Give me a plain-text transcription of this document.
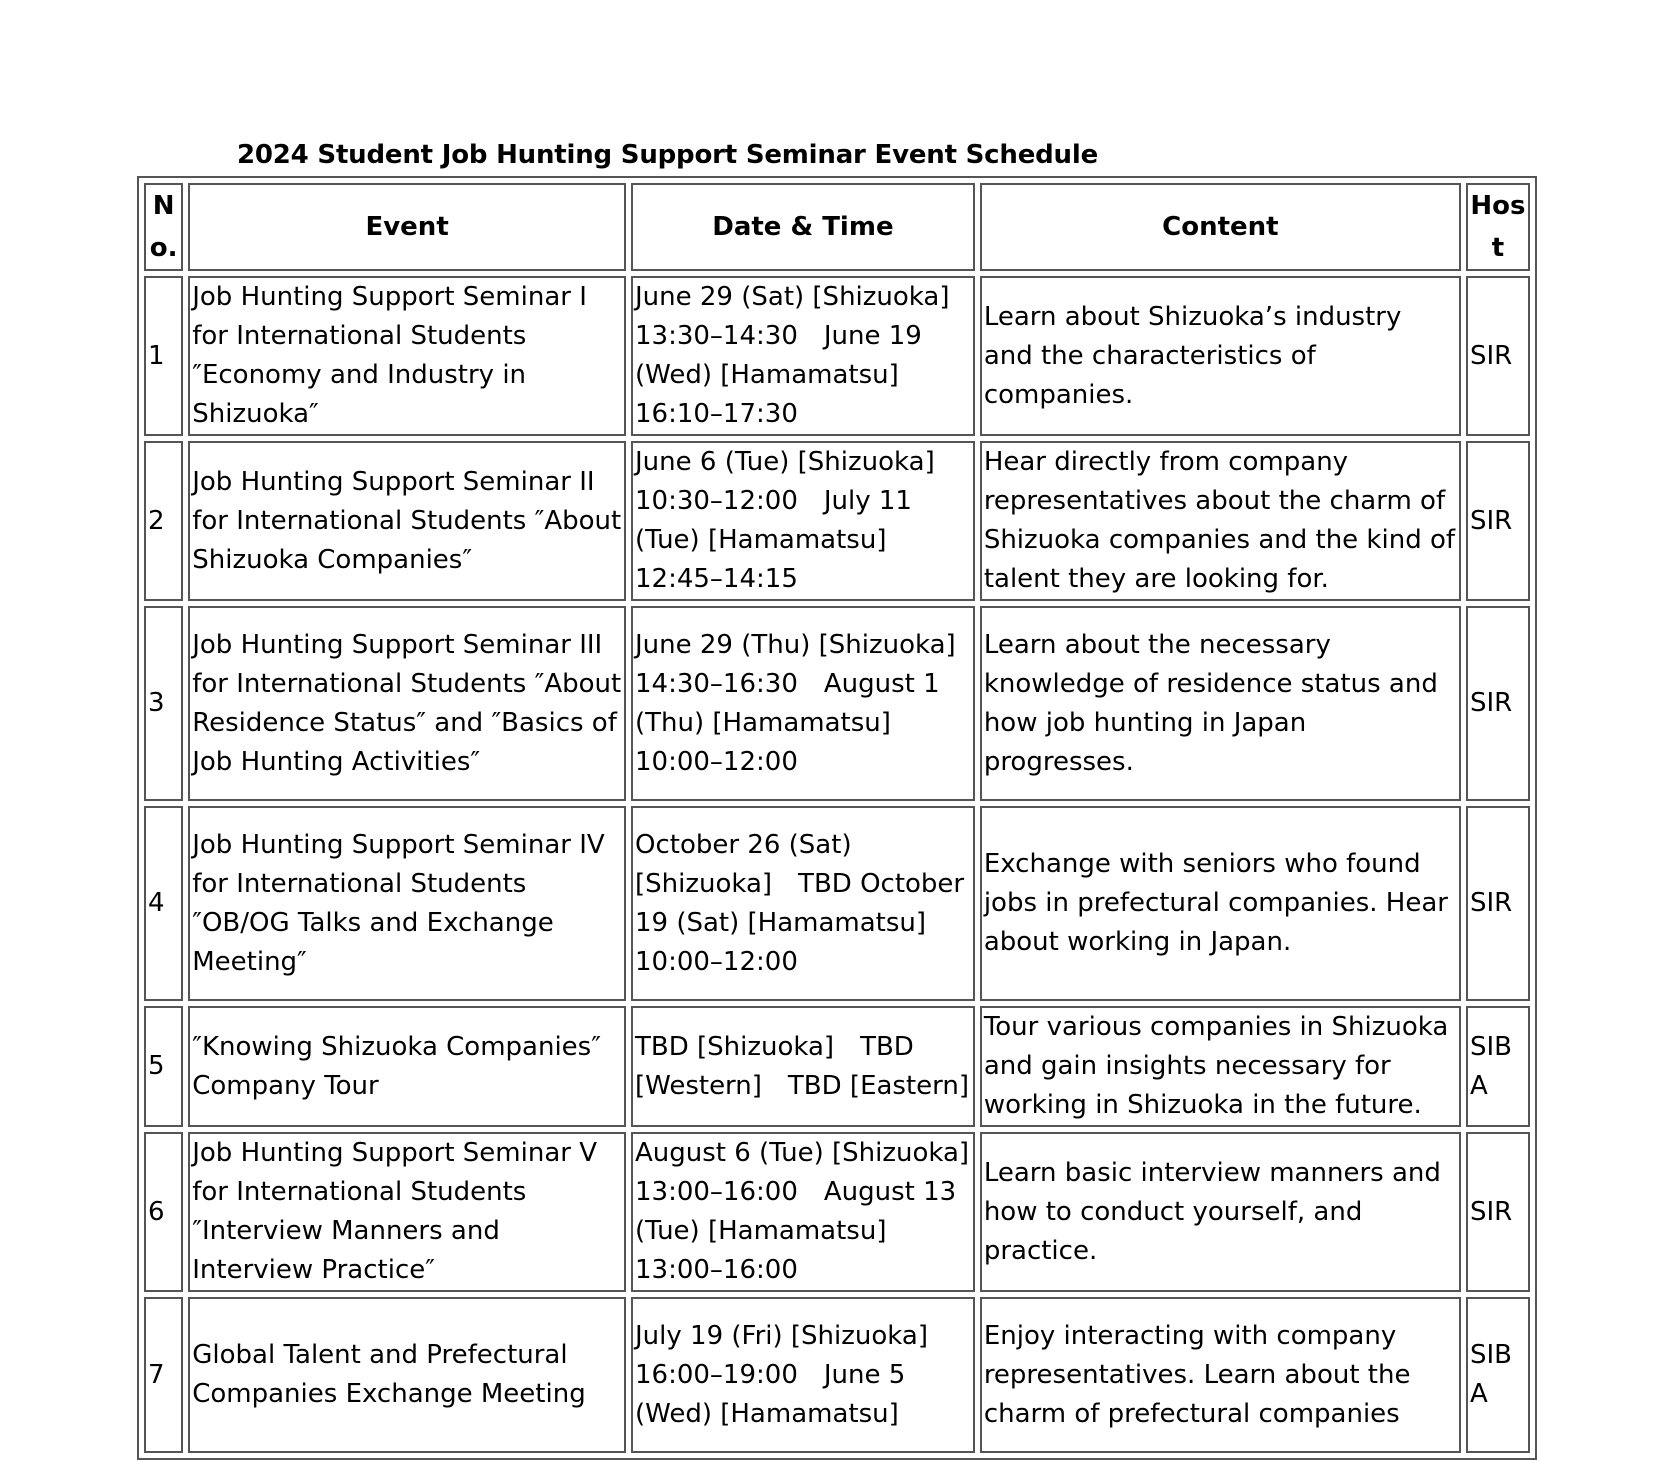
2024 Student Job Hunting Support Seminar Event Schedule
No.	Event	Date & Time	Content	Host
1	Job Hunting Support Seminar I for International Students ″Economy and Industry in Shizuoka″	June 29 (Sat) [Shizuoka] 13:30–14:30　June 19 (Wed) [Hamamatsu] 16:10–17:30	Learn about Shizuoka’s industry and the characteristics of companies.	SIR
2	Job Hunting Support Seminar II for International Students ″About Shizuoka Companies″	June 6 (Tue) [Shizuoka] 10:30–12:00　July 11 (Tue) [Hamamatsu] 12:45–14:15	Hear directly from company representatives about the charm of Shizuoka companies and the kind of talent they are looking for.	SIR
3	Job Hunting Support Seminar III for International Students ″About Residence Status″ and ″Basics of Job Hunting Activities″	June 29 (Thu) [Shizuoka] 14:30–16:30　August 1 (Thu) [Hamamatsu] 10:00–12:00	Learn about the necessary knowledge of residence status and how job hunting in Japan progresses.	SIR
4	Job Hunting Support Seminar IV for International Students ″OB/OG Talks and Exchange Meeting″	October 26 (Sat) [Shizuoka]　TBD October 19 (Sat) [Hamamatsu]　10:00–12:00	Exchange with seniors who found jobs in prefectural companies. Hear about working in Japan.	SIR
5	″Knowing Shizuoka Companies″ Company Tour	TBD [Shizuoka]　TBD [Western]　TBD [Eastern]	Tour various companies in Shizuoka and gain insights necessary for working in Shizuoka in the future.	SIBA
6	Job Hunting Support Seminar V for International Students ″Interview Manners and Interview Practice″	August 6 (Tue) [Shizuoka] 13:00–16:00　August 13 (Tue) [Hamamatsu] 13:00–16:00	Learn basic interview manners and how to conduct yourself, and practice.	SIR
7	Global Talent and Prefectural Companies Exchange Meeting	July 19 (Fri) [Shizuoka] 16:00–19:00　June 5 (Wed) [Hamamatsu]	Enjoy interacting with company representatives. Learn about the charm of prefectural companies	SIBA
